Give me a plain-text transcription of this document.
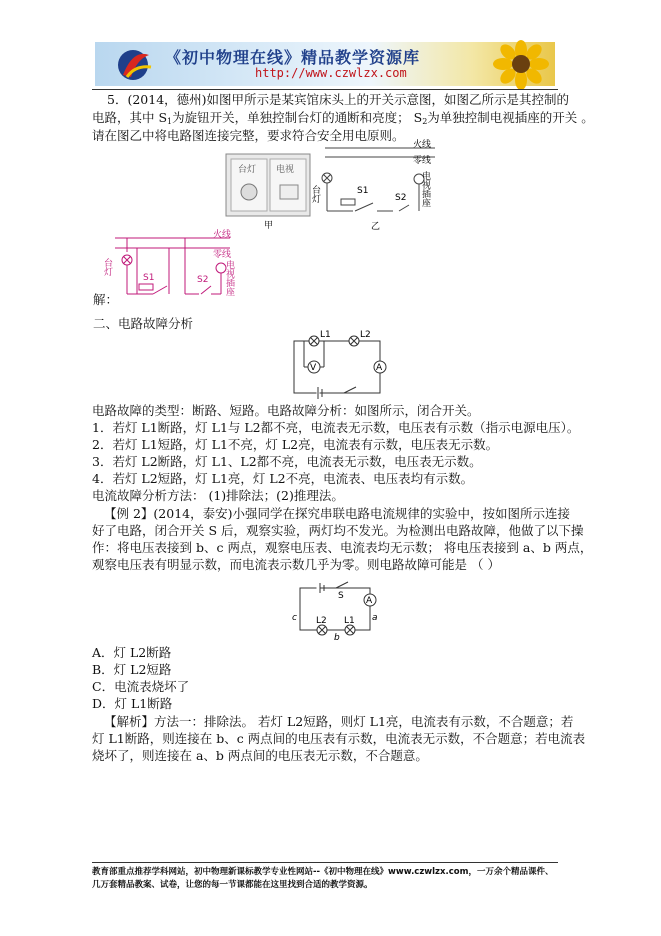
《初中物理在线》精品教学资源库
http://www.czwlzx.com
5．(2014，德州)如图甲所示是某宾馆床头上的开关示意图，如图乙所示是其控制的
电路，其中 S1为旋钮开关，单独控制台灯的通断和亮度； S2为单独控制电视插座的开关 。
请在图乙中将电路图连接完整，要求符合安全用电原则。
台灯 电视
甲
火线
零线
台灯	S1
S2 电视插座
乙
火线
零线
台灯	电视插座
S1	S2
解：
二、电路故障分析
V	A
L1	L2
电路故障的类型：断路、短路。电路故障分析：如图所示，闭合开关。
1．若灯 L1断路，灯 L1与 L2都不亮，电流表无示数，电压表有示数（指示电源电压）。
2．若灯 L1短路，灯 L1不亮，灯 L2亮，电流表有示数，电压表无示数。
3．若灯 L2断路，灯 L1、L2都不亮，电流表无示数，电压表无示数。
4．若灯 L2短路，灯 L1亮，灯 L2不亮，电流表、电压表均有示数。
电流故障分析方法： (1)排除法；(2)推理法。
【例 2】(2014，泰安)小强同学在探究串联电路电流规律的实验中，按如图所示连接
好了电路，闭合开关 S 后，观察实验，两灯均不发光。为检测出电路故障，他做了以下操
作：将电压表接到 b、c 两点，观察电压表、电流表均无示数； 将电压表接到 a、b 两点，
观察电压表有明显示数，而电流表示数几乎为零。则电路故障可能是 （ ）
S A
c	a
b
L2 L1
A．灯 L2断路
B．灯 L2短路
C．电流表烧坏了
D．灯 L1断路
【解析】方法一：排除法。 若灯 L2短路，则灯 L1亮，电流表有示数，不合题意；若
灯 L1断路，则连接在 b、c 两点间的电压表有示数，电流表无示数，不合题意；若电流表
烧坏了，则连接在 a、b 两点间的电压表无示数，不合题意。
教育部重点推荐学科网站，初中物理新课标教学专业性网站--《初中物理在线》www.czwlzx.com，一万余个精品课件、
几万套精品教案、试卷，让您的每一节课都能在这里找到合适的教学资源。
